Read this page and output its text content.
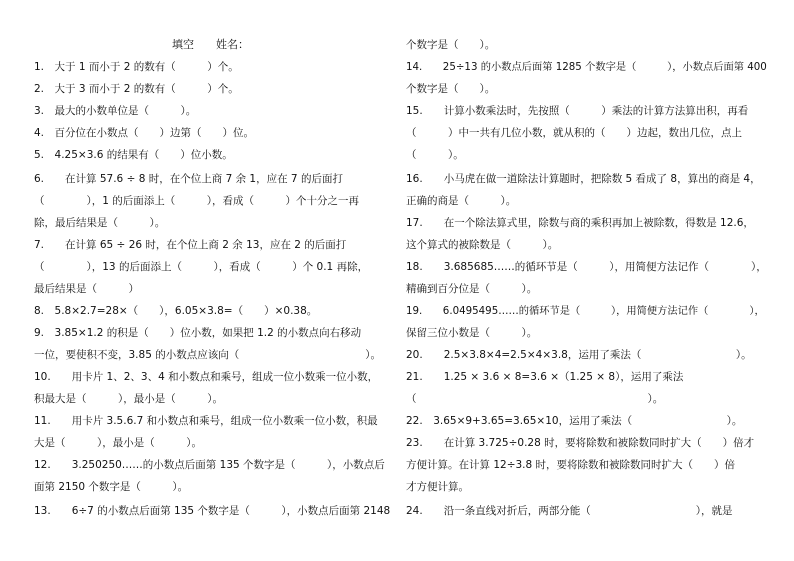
填空　　姓名：
1.　大于 1 而小于 2 的数有（　　　）个。
2.　大于 3 而小于 2 的数有（　　　）个。
3.　最大的小数单位是（　　　）。
4.　百分位在小数点（　　）边第（　　）位。
5.　4.25×3.6 的结果有（　　）位小数。
6.　　在计算 57.6 ÷ 8 时，在个位上商 7 余 1，应在 7 的后面打
（　　　　），1 的后面添上（　　　），看成（　　　）个十分之一再
除，最后结果是（　　　）。
7.　　在计算 65 ÷ 26 时，在个位上商 2 余 13，应在 2 的后面打
（　　　　），13 的后面添上（　　　），看成（　　　）个 0.1 再除，
最后结果是（　　　）
8.　5.8×2.7=28×（　　），6.05×3.8=（　　）×0.38。
9.　3.85×1.2 的积是（　　）位小数，如果把 1.2 的小数点向右移动
一位，要使积不变，3.85 的小数点应该向（　　　　　　　　　　　　）。
10.　　用卡片 1、2、3、4 和小数点和乘号，组成一位小数乘一位小数，
积最大是（　　　），最小是（　　　）。
11.　　用卡片 3.5.6.7 和小数点和乘号，组成一位小数乘一位小数，积最
大是（　　　），最小是（　　　）。
12.　　3.250250……的小数点后面第 135 个数字是（　　　），小数点后
面第 2150 个数字是（　　　）。
13.　　6÷7 的小数点后面第 135 个数字是（　　　），小数点后面第 2148
个数字是（　　）。
14.　　25÷13 的小数点后面第 1285 个数字是（　　　），小数点后面第 400
个数字是（　　）。
15.　　计算小数乘法时，先按照（　　　）乘法的计算方法算出积，再看
（　　　）中一共有几位小数，就从积的（　　）边起，数出几位，点上
（　　　）。
16.　　小马虎在做一道除法计算题时，把除数 5 看成了 8，算出的商是 4，
正确的商是（　　　）。
17.　　在一个除法算式里，除数与商的乘积再加上被除数，得数是 12.6，
这个算式的被除数是（　　　）。
18.　　3.685685……的循环节是（　　　），用简便方法记作（　　　　），
精确到百分位是（　　　）。
19.　　6.0495495……的循环节是（　　　），用简便方法记作（　　　　），
保留三位小数是（　　　）。
20.　　2.5×3.8×4=2.5×4×3.8，运用了乘法（　　　　　　　　　）。
21.　　1.25 × 3.6 × 8=3.6 ×（1.25 × 8），运用了乘法
（　　　　　　　　　　　　　　　　　　　　　　）。
22.　3.65×9+3.65=3.65×10，运用了乘法（　　　　　　　　　）。
23.　　在计算 3.725÷0.28 时，要将除数和被除数同时扩大（　　）倍才
方便计算。在计算 12÷3.8 时，要将除数和被除数同时扩大（　　）倍
才方便计算。
24.　　沿一条直线对折后，两部分能（　　　　　　　　　　），就是
